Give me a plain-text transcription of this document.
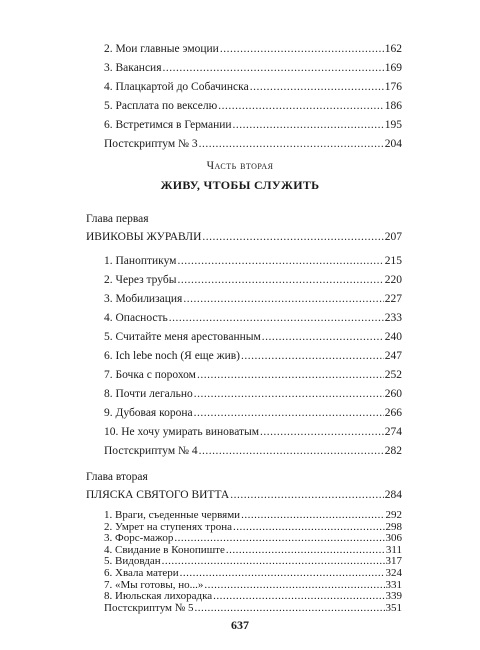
2. Мои главные эмоции .....	162
3. Вакансия .....	169
4. Плацкартой до Собачинска .....	176
5. Расплата по векселю .....	186
6. Встретимся в Германии .....	195
Постскриптум № 3 .....	204
Часть вторая
ЖИВУ, ЧТОБЫ СЛУЖИТЬ
Глава первая
ИВИКОВЫ ЖУРАВЛИ .....	207
1. Паноптикум .....	215
2. Через трубы .....	220
3. Мобилизация .....	227
4. Опасность .....	233
5. Считайте меня арестованным .....	240
6. Ich lebe noch (Я еще жив) .....	247
7. Бочка с порохом .....	252
8. Почти легально .....	260
9. Дубовая корона .....	266
10. Не хочу умирать виноватым .....	274
Постскриптум № 4 .....	282
Глава вторая
ПЛЯСКА СВЯТОГО ВИТТА .....	284
1. Враги, съеденные червями .....	292
2. Умрет на ступенях трона .....	298
3. Форс-мажор .....	306
4. Свидание в Конопиште .....	311
5. Видовдан .....	317
6. Хвала матери .....	324
7. «Мы готовы, но...» .....	331
8. Июльская лихорадка .....	339
Постскриптум № 5 .....	351
637
